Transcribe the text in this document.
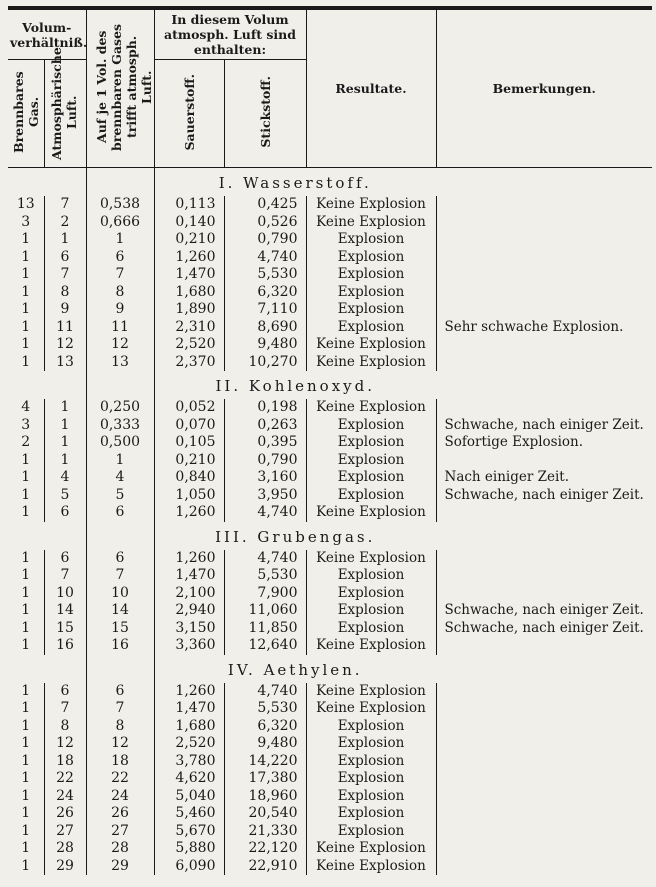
Volum-verhältniß.		Auf je 1 Vol. des brennbaren Gases trifft atmosph. Luft.	In diesem Volum atmosph. Luft sind enthalten:		Resultate.	Bemerkungen.
Brennbares Gas.	Atmosphärische Luft.		Sauerstoff.	Stickstoff.		
			I. Wasserstoff.			
13	7	0,538	0,113	0,425	Keine Explosion	
3	2	0,666	0,140	0,526	Keine Explosion	
1	1	1	0,210	0,790	Explosion	
1	6	6	1,260	4,740	Explosion	
1	7	7	1,470	5,530	Explosion	
1	8	8	1,680	6,320	Explosion	
1	9	9	1,890	7,110	Explosion	
1	11	11	2,310	8,690	Explosion	Sehr schwache Explosion.
1	12	12	2,520	9,480	Keine Explosion	
1	13	13	2,370	10,270	Keine Explosion	
			II. Kohlenoxyd.			
4	1	0,250	0,052	0,198	Keine Explosion	
3	1	0,333	0,070	0,263	Explosion	Schwache, nach einiger Zeit.
2	1	0,500	0,105	0,395	Explosion	Sofortige Explosion.
1	1	1	0,210	0,790	Explosion	
1	4	4	0,840	3,160	Explosion	Nach einiger Zeit.
1	5	5	1,050	3,950	Explosion	Schwache, nach einiger Zeit.
1	6	6	1,260	4,740	Keine Explosion	
			III. Grubengas.			
1	6	6	1,260	4,740	Keine Explosion	
1	7	7	1,470	5,530	Explosion	
1	10	10	2,100	7,900	Explosion	
1	14	14	2,940	11,060	Explosion	Schwache, nach einiger Zeit.
1	15	15	3,150	11,850	Explosion	Schwache, nach einiger Zeit.
1	16	16	3,360	12,640	Keine Explosion	
			IV. Aethylen.			
1	6	6	1,260	4,740	Keine Explosion	
1	7	7	1,470	5,530	Keine Explosion	
1	8	8	1,680	6,320	Explosion	
1	12	12	2,520	9,480	Explosion	
1	18	18	3,780	14,220	Explosion	
1	22	22	4,620	17,380	Explosion	
1	24	24	5,040	18,960	Explosion	
1	26	26	5,460	20,540	Explosion	
1	27	27	5,670	21,330	Explosion	
1	28	28	5,880	22,120	Keine Explosion	
1	29	29	6,090	22,910	Keine Explosion	
